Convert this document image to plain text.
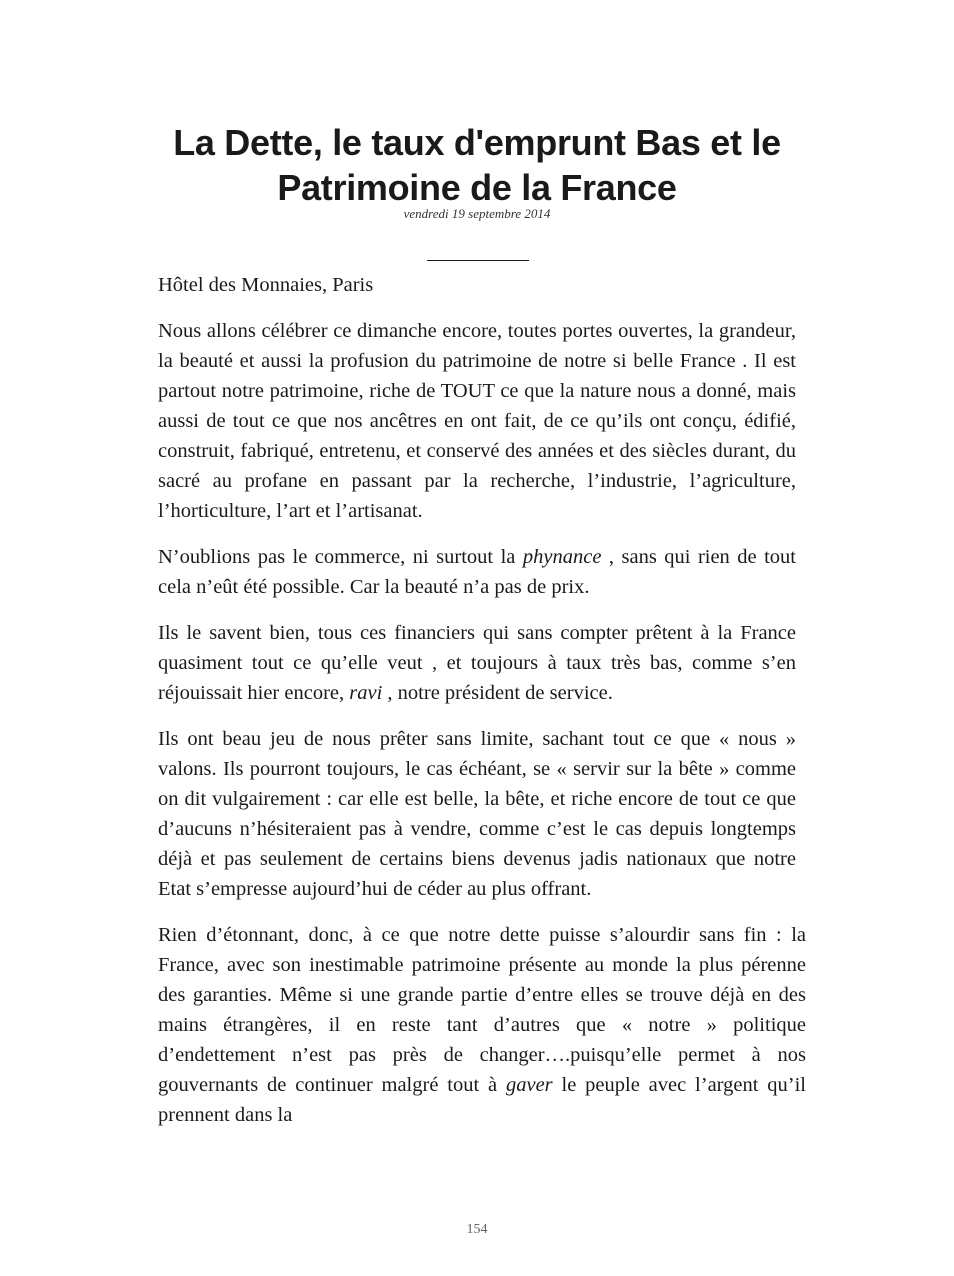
La Dette, le taux d'emprunt Bas et le Patrimoine de la France
vendredi 19 septembre 2014

Hôtel des Monnaies, Paris

Nous allons célébrer ce dimanche encore, toutes portes ouvertes, la grandeur, la beauté et aussi la profusion du patrimoine de notre si belle France . Il est partout notre patrimoine, riche de TOUT ce que la nature nous a donné, mais aussi de tout ce que nos ancêtres en ont fait, de ce qu’ils ont conçu, édifié, construit, fabriqué, entretenu, et conservé des années et des siècles durant, du sacré au profane en passant par la recherche, l’industrie, l’agriculture, l’horticulture, l’art et l’artisanat.

N’oublions pas le commerce, ni surtout la phynance , sans qui rien de tout cela n’eût été possible. Car la beauté n’a pas de prix.

Ils le savent bien, tous ces financiers qui sans compter prêtent à la France quasiment tout ce qu’elle veut , et toujours à taux très bas, comme s’en réjouissait hier encore, ravi , notre président de service.

Ils ont beau jeu de nous prêter sans limite, sachant tout ce que « nous » valons. Ils pourront toujours, le cas échéant, se « servir sur la bête » comme on dit vulgairement : car elle est belle, la bête, et riche encore de tout ce que d’aucuns n’hésiteraient pas à vendre, comme c’est le cas depuis longtemps déjà et pas seulement de certains biens devenus jadis nationaux que notre Etat s’empresse aujourd’hui de céder au plus offrant.

Rien d’étonnant, donc, à ce que notre dette puisse s’alourdir sans fin : la France, avec son inestimable patrimoine présente au monde la plus pérenne des garanties. Même si une grande partie d’entre elles se trouve déjà en des mains étrangères, il en reste tant d’autres que « notre » politique d’endettement n’est pas près de changer….puisqu’elle permet à nos gouvernants de continuer malgré tout à gaver le peuple avec l’argent qu’il prennent dans la

154
